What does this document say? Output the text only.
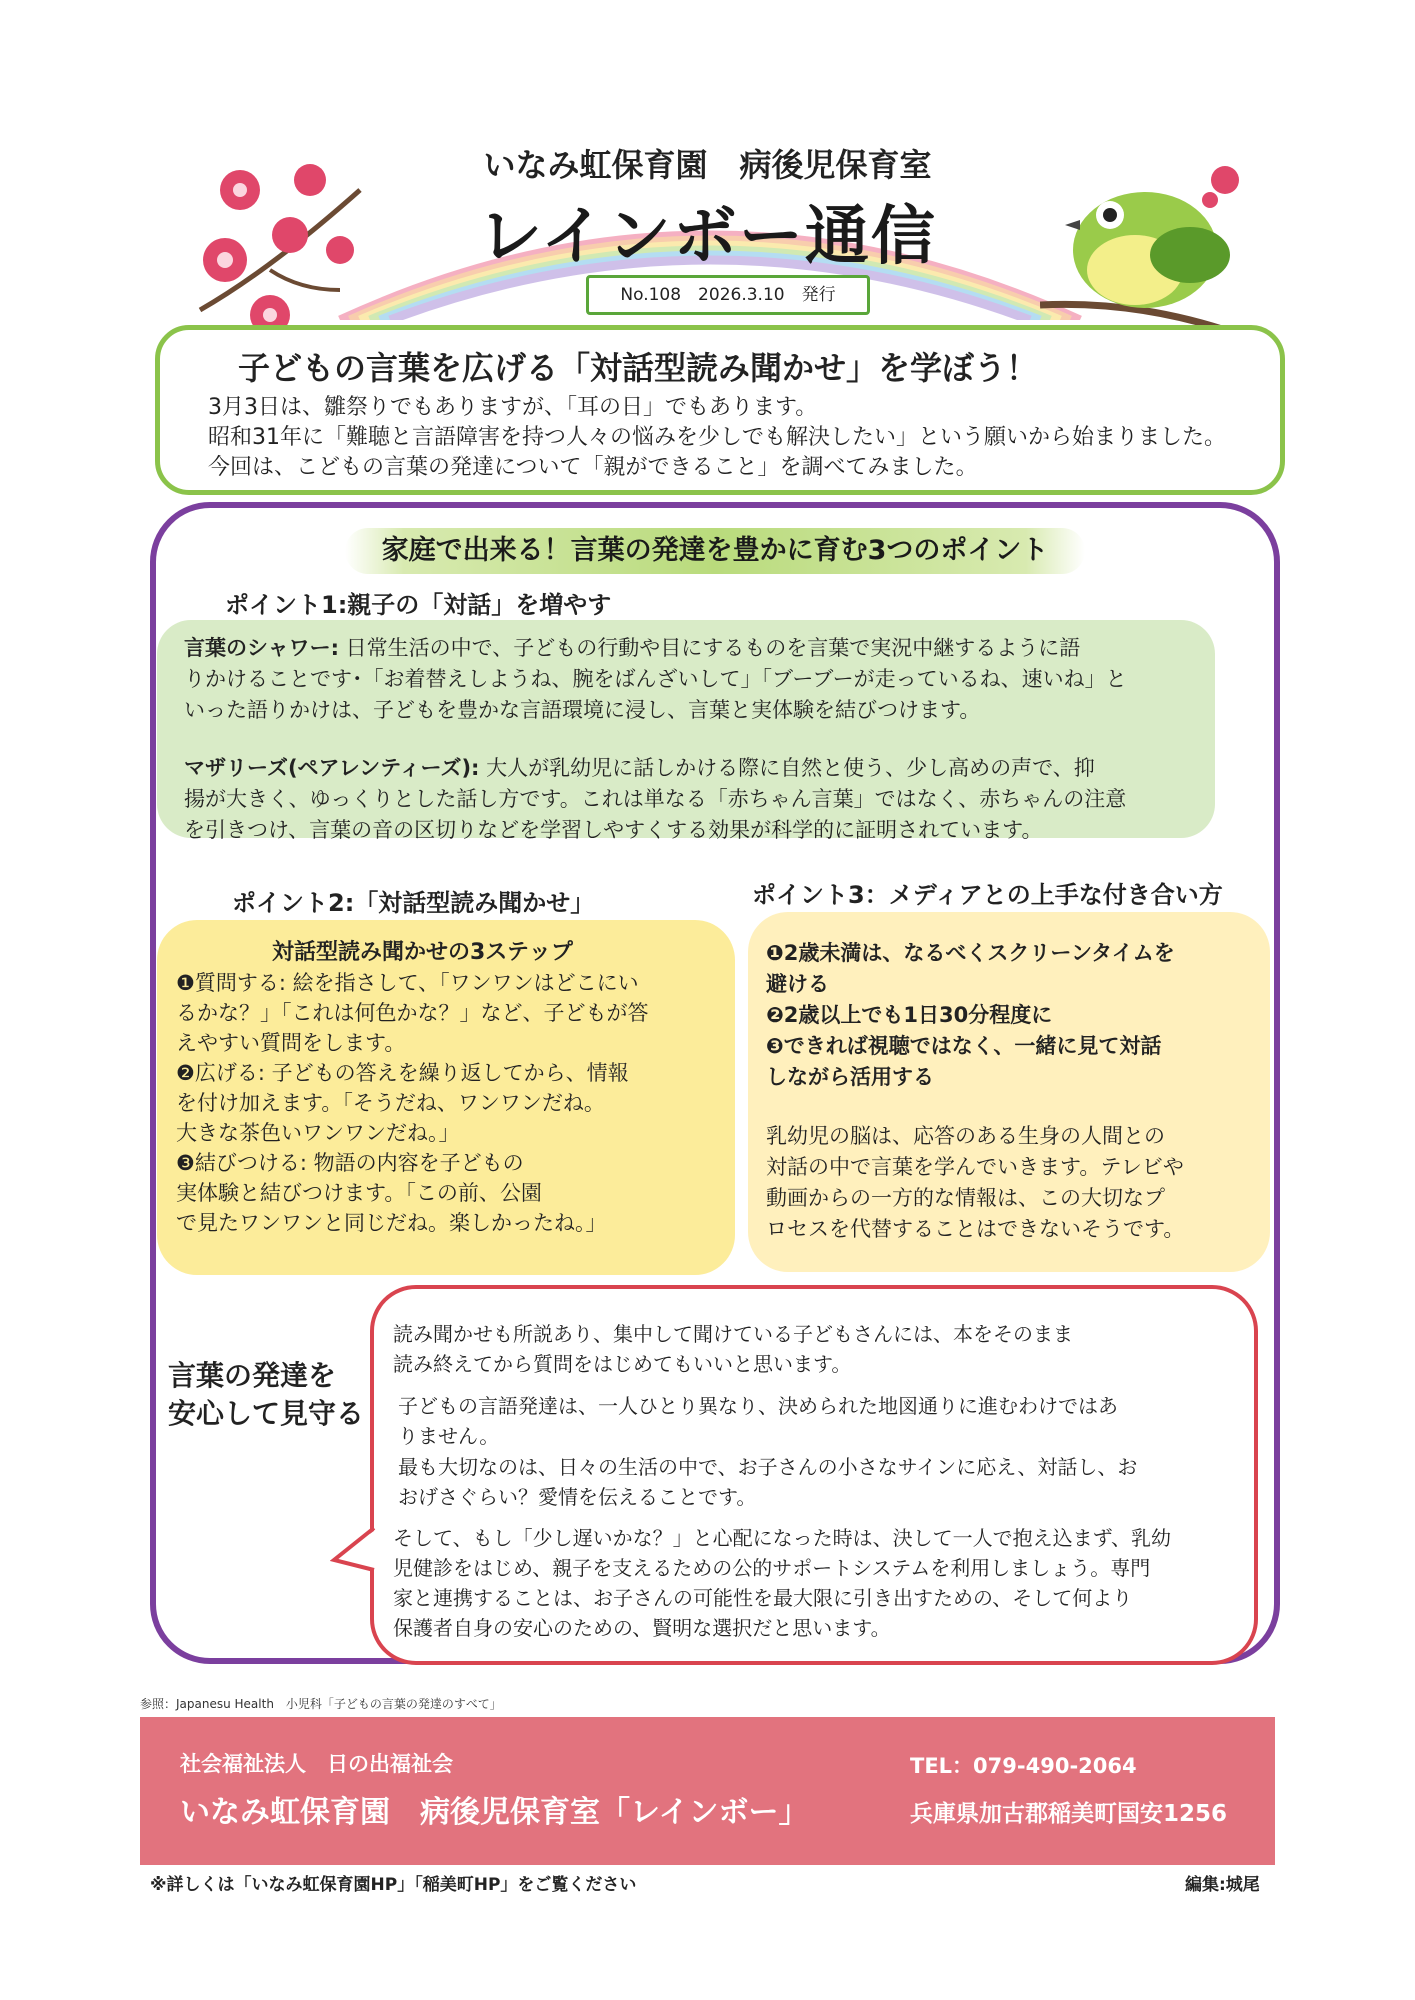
いなみ虹保育園　病後児保育室
レインボー通信
No.108　2026.3.10　発行
子どもの言葉を広げる「対話型読み聞かせ」を学ぼう！
3月3日は、雛祭りでもありますが、「耳の日」でもあります。
昭和31年に「難聴と言語障害を持つ人々の悩みを少しでも解決したい」という願いから始まりました。
今回は、こどもの言葉の発達について「親ができること」を調べてみました。
家庭で出来る！言葉の発達を豊かに育む3つのポイント
ポイント1:親子の「対話」を増やす
言葉のシャワー: 日常生活の中で、子どもの行動や目にするものを言葉で実況中継するように語
りかけることです･「お着替えしようね、腕をばんざいして」「ブーブーが走っているね、速いね」と
いった語りかけは、子どもを豊かな言語環境に浸し、言葉と実体験を結びつけます。
マザリーズ(ペアレンティーズ): 大人が乳幼児に話しかける際に自然と使う、少し高めの声で、抑
揚が大きく、ゆっくりとした話し方です。これは単なる「赤ちゃん言葉」ではなく、赤ちゃんの注意
を引きつけ、言葉の音の区切りなどを学習しやすくする効果が科学的に証明されています。
ポイント2:「対話型読み聞かせ」
対話型読み聞かせの3ステップ
❶質問する: 絵を指さして、「ワンワンはどこにい
るかな？」「これは何色かな？」など、子どもが答
えやすい質問をします。
❷広げる: 子どもの答えを繰り返してから、情報
を付け加えます。「そうだね、ワンワンだね。
大きな茶色いワンワンだね。」
❸結びつける: 物語の内容を子どもの
実体験と結びつけます。「この前、公園
で見たワンワンと同じだね。楽しかったね。」
ポイント3：メディアとの上手な付き合い方
❶2歳未満は、なるべくスクリーンタイムを
避ける
❷2歳以上でも1日30分程度に
❸できれば視聴ではなく、一緒に見て対話
しながら活用する
乳幼児の脳は、応答のある生身の人間との
対話の中で言葉を学んでいきます。テレビや
動画からの一方的な情報は、この大切なプ
ロセスを代替することはできないそうです。
言葉の発達を
安心して見守る
読み聞かせも所説あり、集中して聞けている子どもさんには、本をそのまま
読み終えてから質問をはじめてもいいと思います。
子どもの言語発達は、一人ひとり異なり、決められた地図通りに進むわけではあ
りません。
最も大切なのは、日々の生活の中で、お子さんの小さなサインに応え、対話し、お
おげさぐらい？愛情を伝えることです。
そして、もし「少し遅いかな？」と心配になった時は、決して一人で抱え込まず、乳幼
児健診をはじめ、親子を支えるための公的サポートシステムを利用しましょう。専門
家と連携することは、お子さんの可能性を最大限に引き出すための、そして何より
保護者自身の安心のための、賢明な選択だと思います。
参照：Japanesu Health　小児科「子どもの言葉の発達のすべて」
社会福祉法人　日の出福祉会
いなみ虹保育園　病後児保育室「レインボー」
TEL：079-490-2064
兵庫県加古郡稲美町国安1256
※詳しくは「いなみ虹保育園HP」「稲美町HP」をご覧ください	編集:城尾
